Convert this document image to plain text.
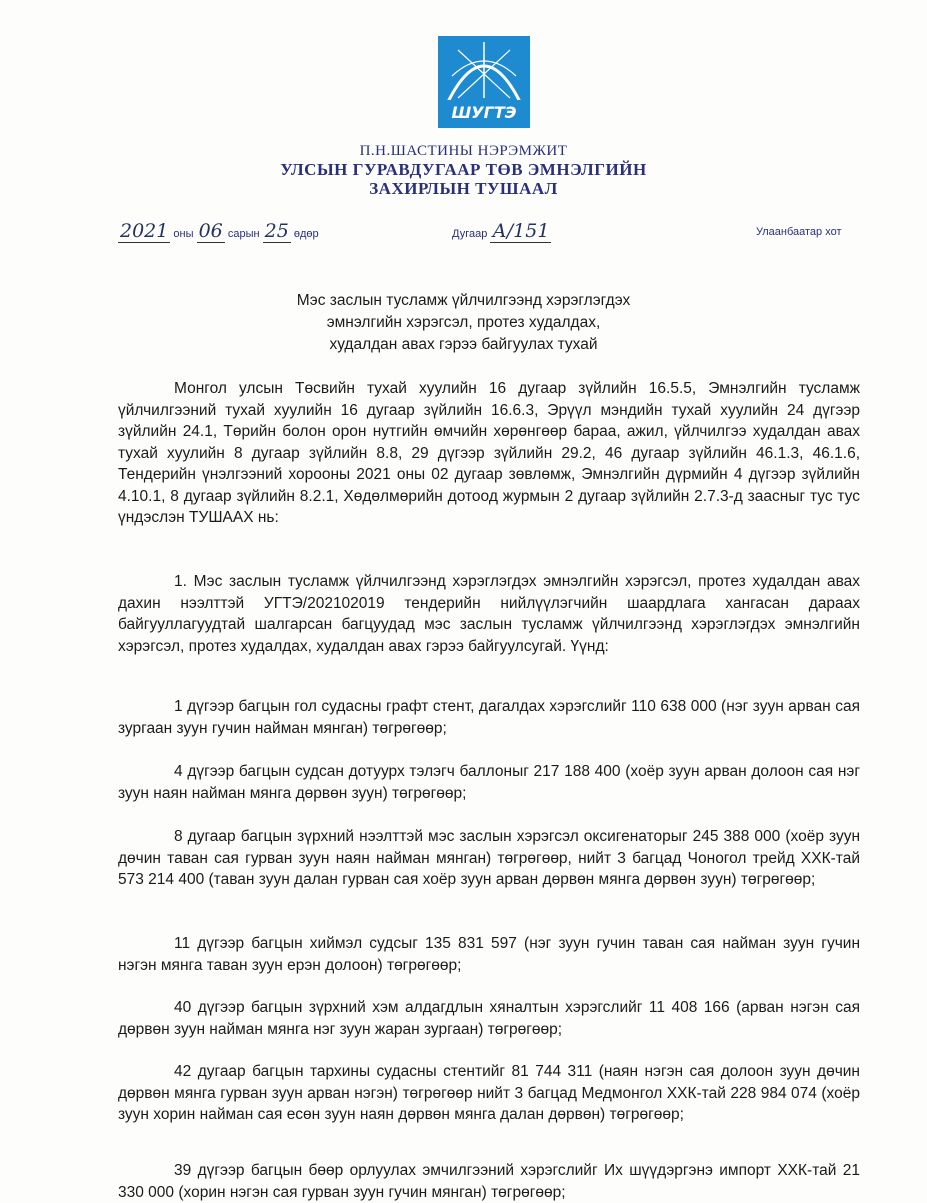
ШУГТЭ
П.Н.ШАСТИНЫ НЭРЭМЖИТ
УЛСЫН ГУРАВДУГААР ТӨВ ЭМНЭЛГИЙН
ЗАХИРЛЫН ТУШААЛ
2021 оны 06 сарын 25 өдөр	Дугаар А/151	Улаанбаатар хот
Мэс заслын тусламж үйлчилгээнд хэрэглэгдэх
эмнэлгийн хэрэгсэл, протез худалдах,
худалдан авах гэрээ байгуулах тухай

Монгол улсын Төсвийн тухай хуулийн 16 дугаар зүйлийн 16.5.5, Эмнэлгийн тусламж үйлчилгээний тухай хуулийн 16 дугаар зүйлийн 16.6.3, Эрүүл мэндийн тухай хуулийн 24 дүгээр зүйлийн 24.1, Төрийн болон орон нутгийн өмчийн хөрөнгөөр бараа, ажил, үйлчилгээ худалдан авах тухай хуулийн 8 дугаар зүйлийн 8.8, 29 дүгээр зүйлийн 29.2, 46 дугаар зүйлийн 46.1.3, 46.1.6, Тендерийн үнэлгээний хорооны 2021 оны 02 дугаар зөвлөмж, Эмнэлгийн дүрмийн 4 дүгээр зүйлийн 4.10.1, 8 дугаар зүйлийн 8.2.1, Хөдөлмөрийн дотоод журмын 2 дугаар зүйлийн 2.7.3-д заасныг тус тус үндэслэн ТУШААХ нь:

1. Мэс заслын тусламж үйлчилгээнд хэрэглэгдэх эмнэлгийн хэрэгсэл, протез худалдан авах дахин нээлттэй УГТЭ/202102019 тендерийн нийлүүлэгчийн шаардлага хангасан дараах байгууллагуудтай шалгарсан багцуудад мэс заслын тусламж үйлчилгээнд хэрэглэгдэх эмнэлгийн хэрэгсэл, протез худалдах, худалдан авах гэрээ байгуулсугай. Үүнд:

1 дүгээр багцын гол судасны графт стент, дагалдах хэрэгслийг 110 638 000 (нэг зуун арван сая зургаан зуун гучин найман мянган) төгрөгөөр;

4 дүгээр багцын судсан дотуурх тэлэгч баллоныг 217 188 400 (хоёр зуун арван долоон сая нэг зуун наян найман мянга дөрвөн зуун) төгрөгөөр;

8 дугаар багцын зүрхний нээлттэй мэс заслын хэрэгсэл оксигенаторыг 245 388 000 (хоёр зуун дөчин таван сая гурван зуун наян найман мянган) төгрөгөөр, нийт 3 багцад Чоногол трейд ХХК-тай 573 214 400 (таван зуун далан гурван сая хоёр зуун арван дөрвөн мянга дөрвөн зуун) төгрөгөөр;

11 дүгээр багцын хиймэл судсыг 135 831 597 (нэг зуун гучин таван сая найман зуун гучин нэгэн мянга таван зуун ерэн долоон) төгрөгөөр;

40 дүгээр багцын зүрхний хэм алдагдлын хяналтын хэрэгслийг 11 408 166 (арван нэгэн сая дөрвөн зуун найман мянга нэг зуун жаран зургаан) төгрөгөөр;

42 дугаар багцын тархины судасны стентийг 81 744 311 (наян нэгэн сая долоон зуун дөчин дөрвөн мянга гурван зуун арван нэгэн) төгрөгөөр нийт 3 багцад Медмонгол ХХК-тай 228 984 074 (хоёр зуун хорин найман сая есөн зуун наян дөрвөн мянга далан дөрвөн) төгрөгөөр;

39 дүгээр багцын бөөр орлуулах эмчилгээний хэрэгслийг Их шүүдэргэнэ импорт ХХК-тай 21 330 000 (хорин нэгэн сая гурван зуун гучин мянган) төгрөгөөр;
